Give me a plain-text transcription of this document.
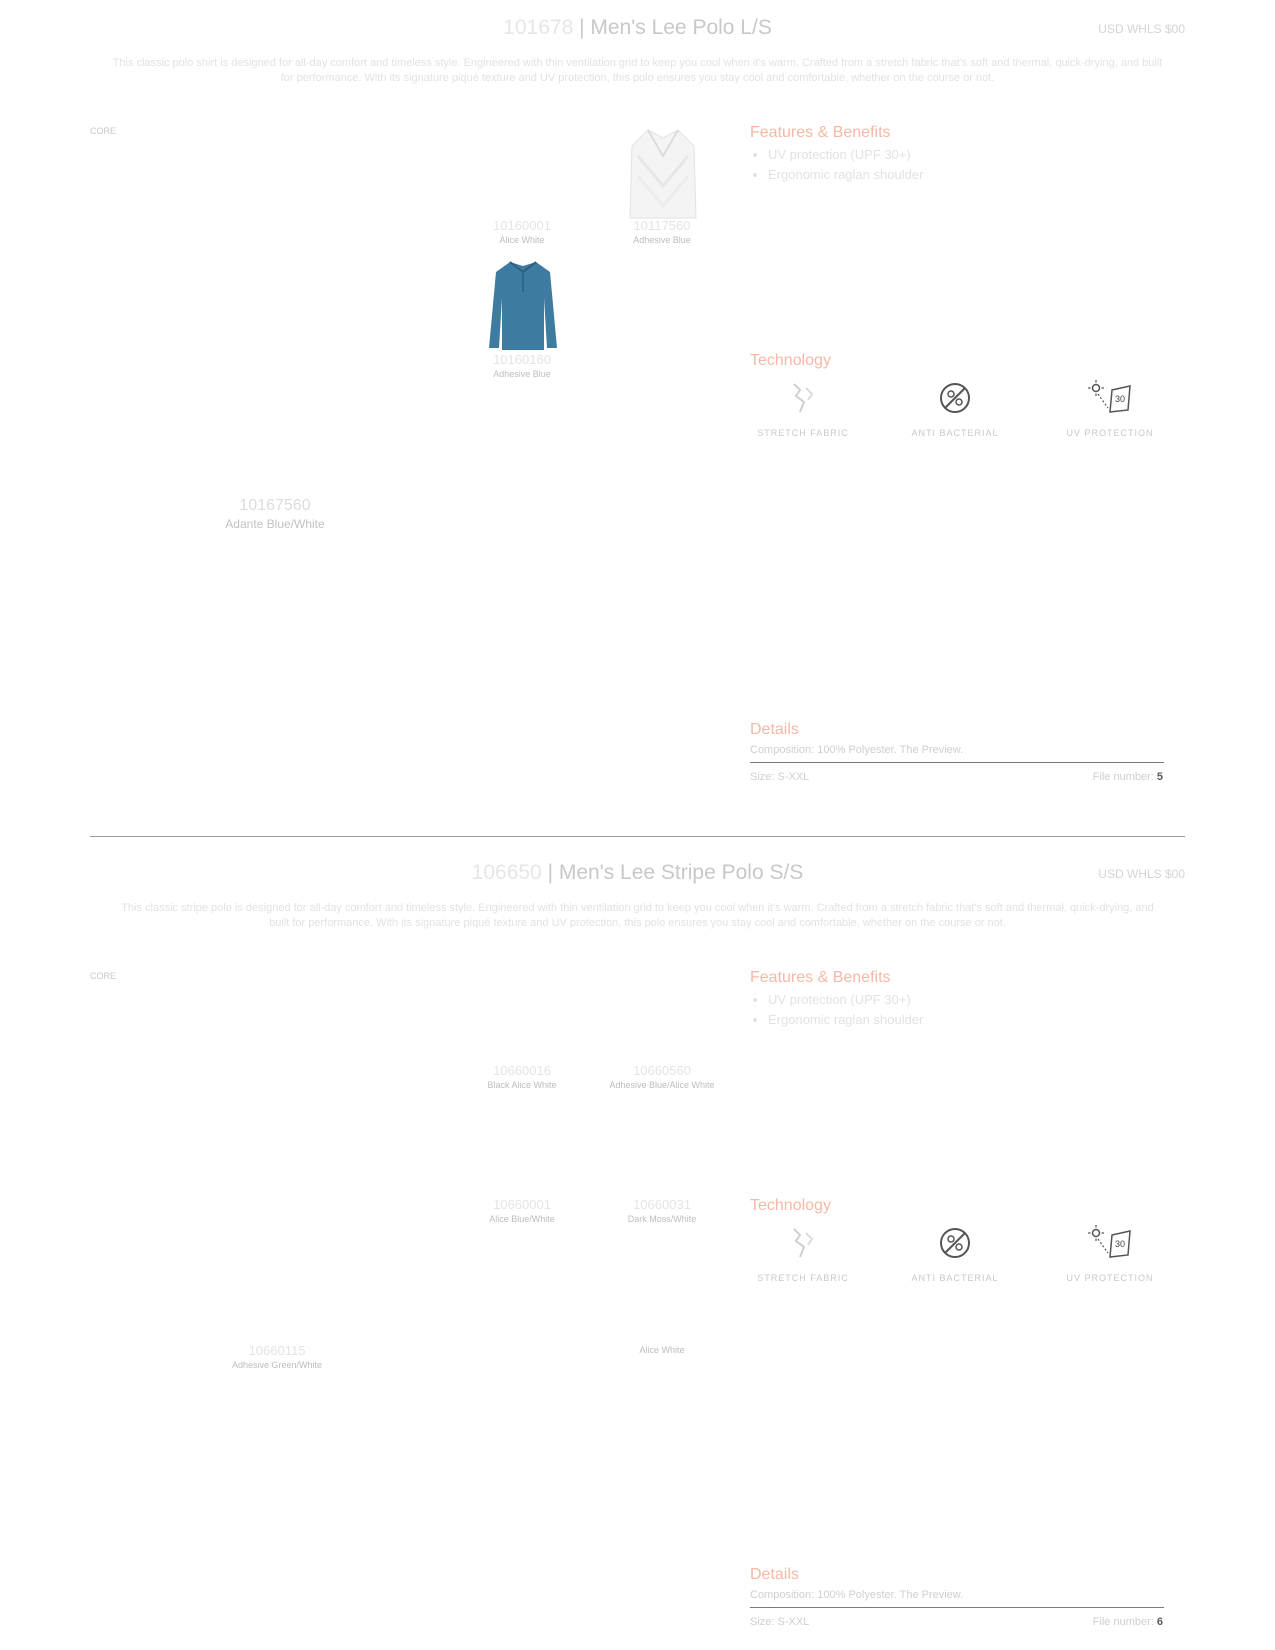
101678 | Men's Lee Polo L/S	USD WHLS $00
This classic polo shirt is designed for all-day comfort and timeless style. Engineered with thin ventilation grid to keep you cool when it's warm. Crafted from a stretch fabric that's soft and thermal, quick-drying, and built for performance. With its signature piqué texture and UV protection, this polo ensures you stay cool and comfortable, whether on the course or not.
CORE
10160001
Alice White
10117560
Adhesive Blue
10160160
Adhesive Blue
10167560
Adante Blue/White
Features & Benefits
• UV protection (UPF 30+)
• Ergonomic raglan shoulder
Technology
STRETCH FABRIC	ANTI BACTERIAL
30
UV PROTECTION
Details
Composition: 100% Polyester. The Preview.
Size: S-XXL	File number: 5
106650 | Men's Lee Stripe Polo S/S	USD WHLS $00
This classic stripe polo is designed for all-day comfort and timeless style. Engineered with thin ventilation grid to keep you cool when it's warm. Crafted from a stretch fabric that's soft and thermal, quick-drying, and built for performance. With its signature piqué texture and UV protection, this polo ensures you stay cool and comfortable, whether on the course or not.
CORE
10660016
Black Alice White
10660560
Adhesive Blue/Alice White
10660001
Alice Blue/White
10660031
Dark Moss/White
10660115
Adhesive Green/White
Alice White
Features & Benefits
• UV protection (UPF 30+)
• Ergonomic raglan shoulder
Technology
STRETCH FABRIC	ANTI BACTERIAL
30
UV PROTECTION
Details
Composition: 100% Polyester. The Preview.
Size: S-XXL	File number: 6
